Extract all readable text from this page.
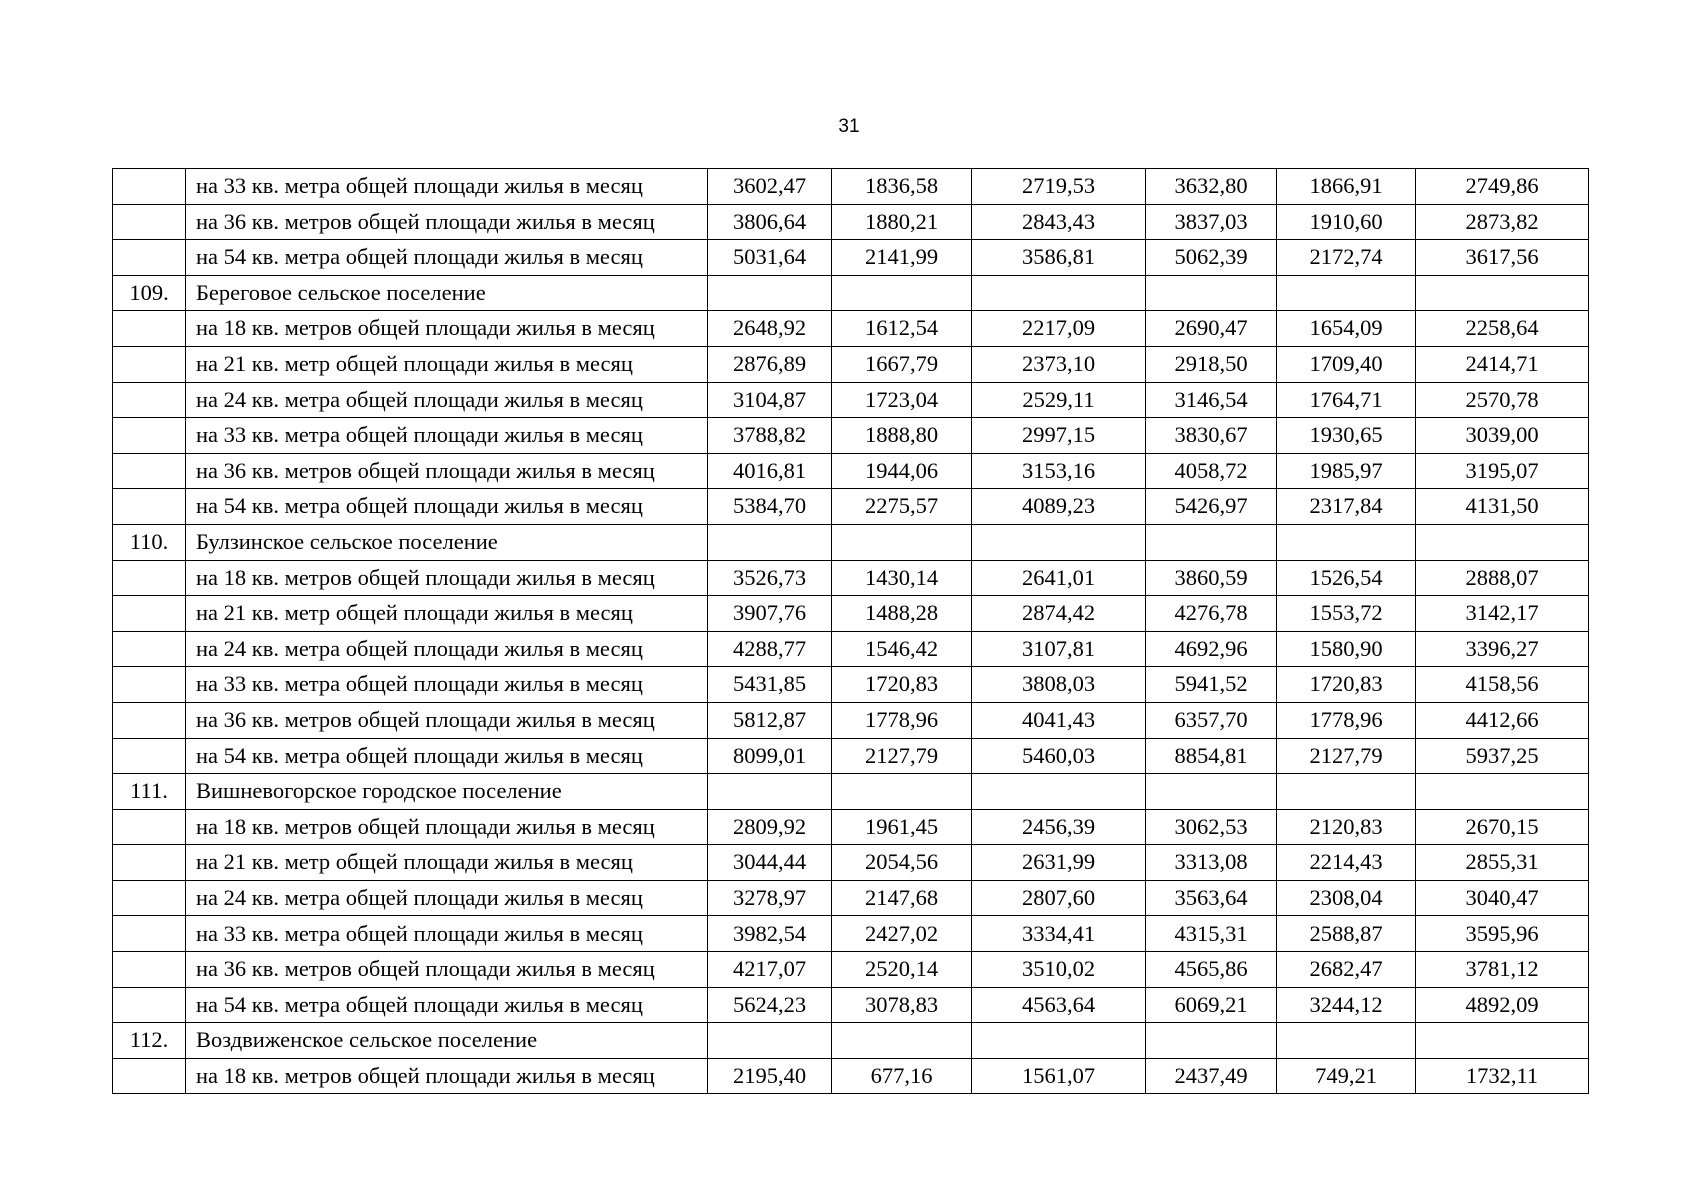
31
	на 33 кв. метра общей площади жилья в месяц	3602,47	1836,58	2719,53	3632,80	1866,91	2749,86
	на 36 кв. метров общей площади жилья в месяц	3806,64	1880,21	2843,43	3837,03	1910,60	2873,82
	на 54 кв. метра общей площади жилья в месяц	5031,64	2141,99	3586,81	5062,39	2172,74	3617,56
109.	Береговое сельское поселение						
	на 18 кв. метров общей площади жилья в месяц	2648,92	1612,54	2217,09	2690,47	1654,09	2258,64
	на 21 кв. метр общей площади жилья в месяц	2876,89	1667,79	2373,10	2918,50	1709,40	2414,71
	на 24 кв. метра общей площади жилья в месяц	3104,87	1723,04	2529,11	3146,54	1764,71	2570,78
	на 33 кв. метра общей площади жилья в месяц	3788,82	1888,80	2997,15	3830,67	1930,65	3039,00
	на 36 кв. метров общей площади жилья в месяц	4016,81	1944,06	3153,16	4058,72	1985,97	3195,07
	на 54 кв. метра общей площади жилья в месяц	5384,70	2275,57	4089,23	5426,97	2317,84	4131,50
110.	Булзинское сельское поселение						
	на 18 кв. метров общей площади жилья в месяц	3526,73	1430,14	2641,01	3860,59	1526,54	2888,07
	на 21 кв. метр общей площади жилья в месяц	3907,76	1488,28	2874,42	4276,78	1553,72	3142,17
	на 24 кв. метра общей площади жилья в месяц	4288,77	1546,42	3107,81	4692,96	1580,90	3396,27
	на 33 кв. метра общей площади жилья в месяц	5431,85	1720,83	3808,03	5941,52	1720,83	4158,56
	на 36 кв. метров общей площади жилья в месяц	5812,87	1778,96	4041,43	6357,70	1778,96	4412,66
	на 54 кв. метра общей площади жилья в месяц	8099,01	2127,79	5460,03	8854,81	2127,79	5937,25
111.	Вишневогорское городское поселение						
	на 18 кв. метров общей площади жилья в месяц	2809,92	1961,45	2456,39	3062,53	2120,83	2670,15
	на 21 кв. метр общей площади жилья в месяц	3044,44	2054,56	2631,99	3313,08	2214,43	2855,31
	на 24 кв. метра общей площади жилья в месяц	3278,97	2147,68	2807,60	3563,64	2308,04	3040,47
	на 33 кв. метра общей площади жилья в месяц	3982,54	2427,02	3334,41	4315,31	2588,87	3595,96
	на 36 кв. метров общей площади жилья в месяц	4217,07	2520,14	3510,02	4565,86	2682,47	3781,12
	на 54 кв. метра общей площади жилья в месяц	5624,23	3078,83	4563,64	6069,21	3244,12	4892,09
112.	Воздвиженское сельское поселение						
	на 18 кв. метров общей площади жилья в месяц	2195,40	677,16	1561,07	2437,49	749,21	1732,11
